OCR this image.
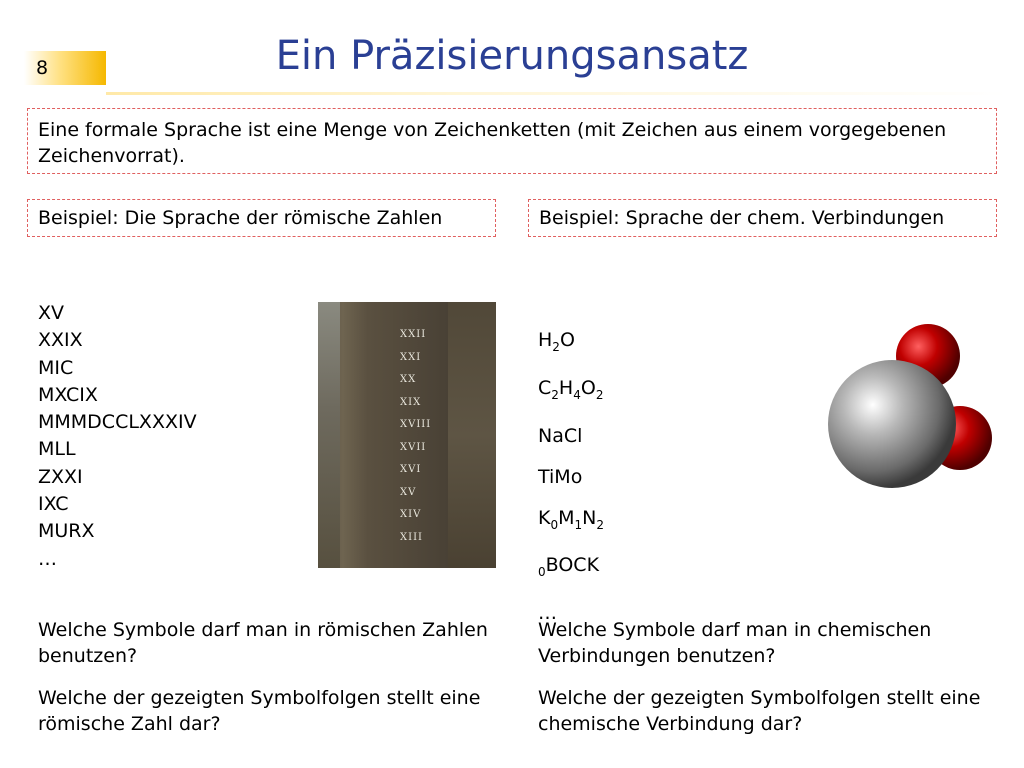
8	Ein Präzisierungsansatz
Eine formale Sprache ist eine Menge von Zeichenketten (mit Zeichen aus einem vorgegebenen Zeichenvorrat).
Beispiel: Die Sprache der römische Zahlen	Beispiel: Sprache der chem. Verbindungen
XV
XXIX
MIC
MXCIX
MMMDCCLXXXIV
MLL
ZXXI
IXC
MURX
…
XXII
XXI
XX
XIX
XVIII
XVII
XVI
XV
XIV
XIII
$H_2O$
$C_2H_4O_2$
NaCl
TiMo
$K_0M_1N_2$
$_0$BOCK
…
Welche Symbole darf man in römischen Zahlen benutzen?
Welche der gezeigten Symbolfolgen stellt eine römische Zahl dar?
Welche Symbole darf man in chemischen Verbindungen benutzen?
Welche der gezeigten Symbolfolgen stellt eine chemische Verbindung dar?
